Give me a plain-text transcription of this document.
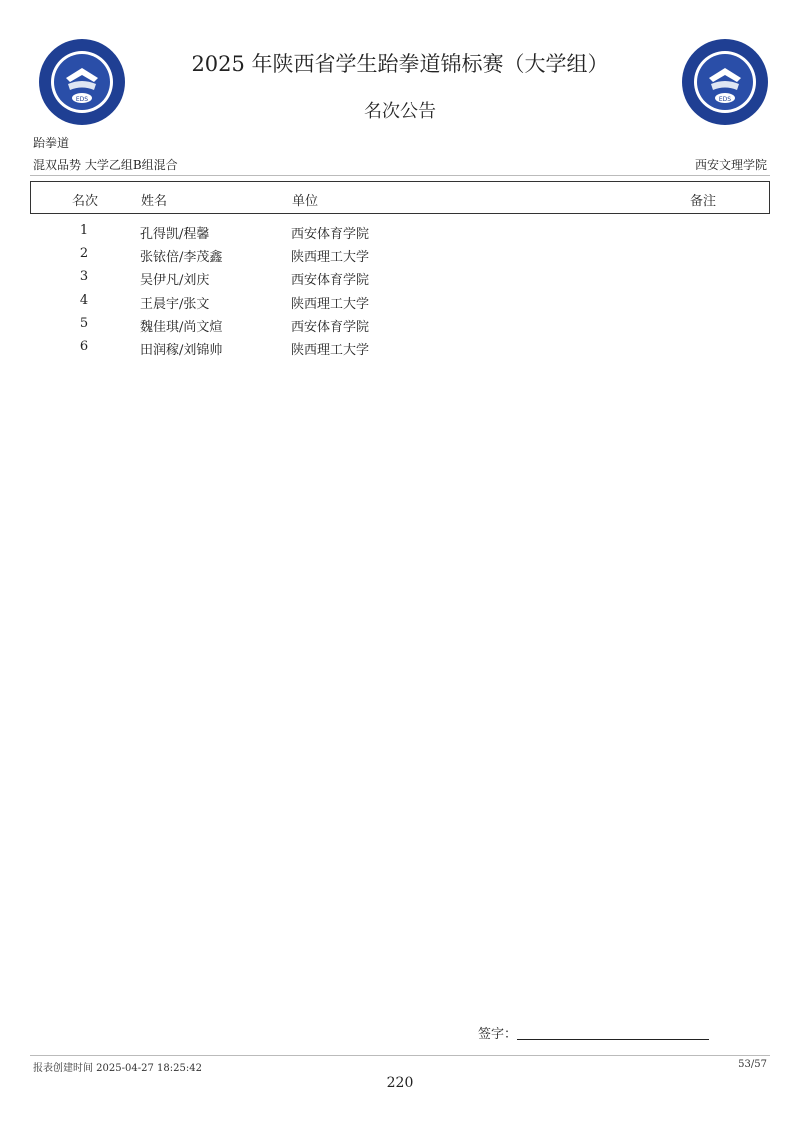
EDS	EDS
2025 年陕西省学生跆拳道锦标赛（大学组）
名次公告
跆拳道
混双品势 大学乙组B组混合	西安文理学院
名次	姓名	单位	备注
1	孔得凯/程馨	西安体育学院
2	张铱倍/李茂鑫	陕西理工大学
3	吴伊凡/刘庆	西安体育学院
4	王晨宇/张文	陕西理工大学
5	魏佳琪/尚文煊	西安体育学院
6	田润稼/刘锦帅	陕西理工大学
签字：
报表创建时间 2025-04-27 18:25:42	53/57
220
